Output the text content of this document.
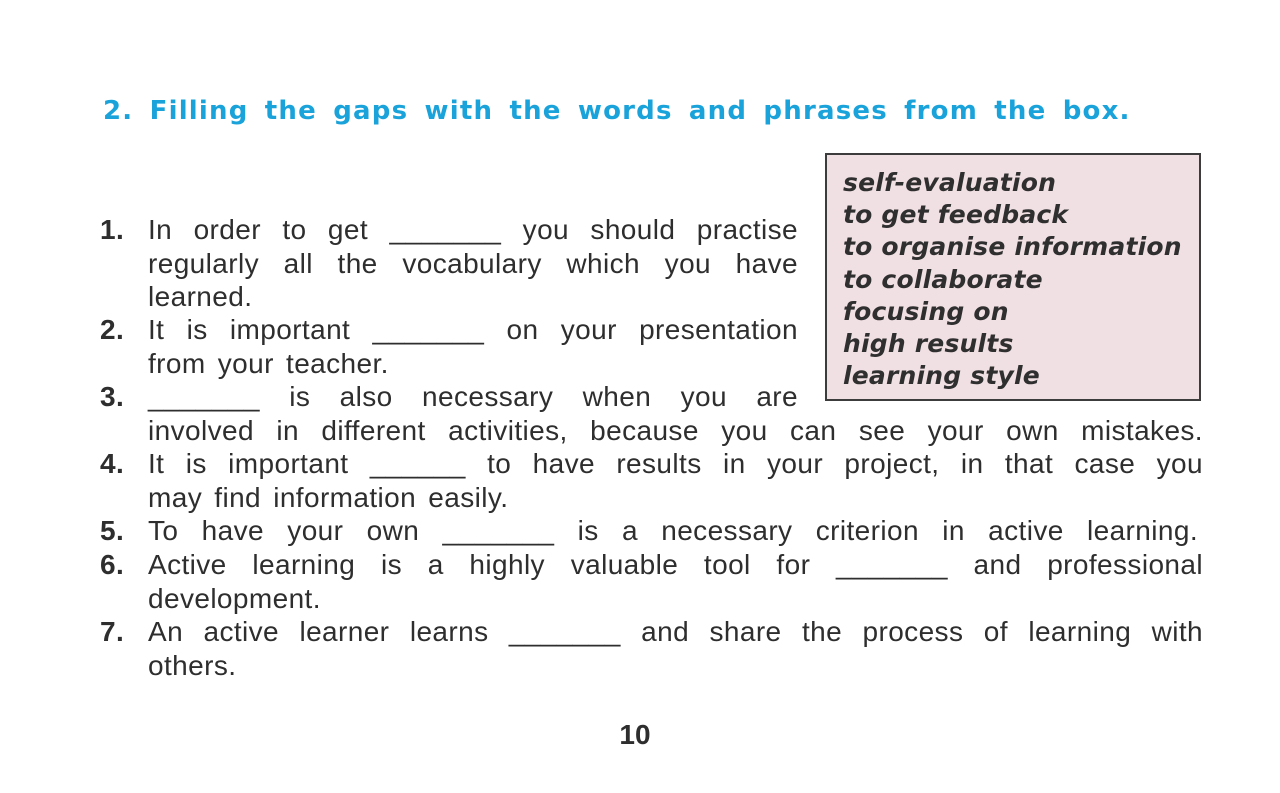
2. Filling the gaps with the words and phrases from the box.
self-evaluation
to get feedback
to organise information
to collaborate
focusing on
high results
learning style
1. In order to get _______ you should practise
regularly all the vocabulary which you have
learned.
2. It is important _______ on your presentation
from your teacher.
3. _______ is also necessary when you are
involved in different activities, because you can see your own mistakes.
4. It is important ______ to have results in your project, in that case you
may find information easily.
5. To have your own _______ is a necessary criterion in active learning.
6. Active learning is a highly valuable tool for _______ and professional
development.
7. An active learner learns _______ and share the process of learning with
others.
10
